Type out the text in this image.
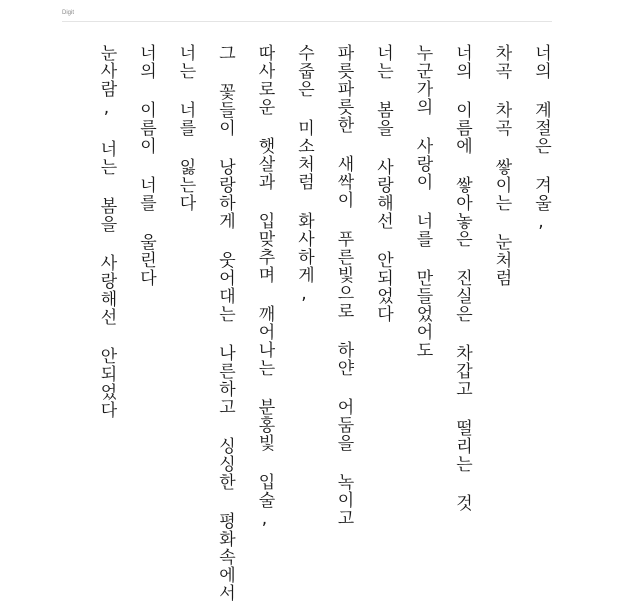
Digit
너의 계절은 겨울,
차곡 차곡 쌓이는 눈처럼
너의 이름에 쌓아놓은 진실은 차갑고 떨리는 것
누군가의 사랑이 너를 만들었어도
너는 봄을 사랑해선 안되었다
파릇파릇한 새싹이 푸른빛으로 하얀 어둠을 녹이고
수줍은 미소처럼 화사하게,
따사로운 햇살과 입맞추며 깨어나는 분홍빛 입술,
그 꽃들이 낭랑하게 웃어대는 나른하고 싱싱한 평화속에서
너는 너를 잃는다
너의 이름이 너를 울린다
눈사람, 너는 봄을 사랑해선 안되었다
